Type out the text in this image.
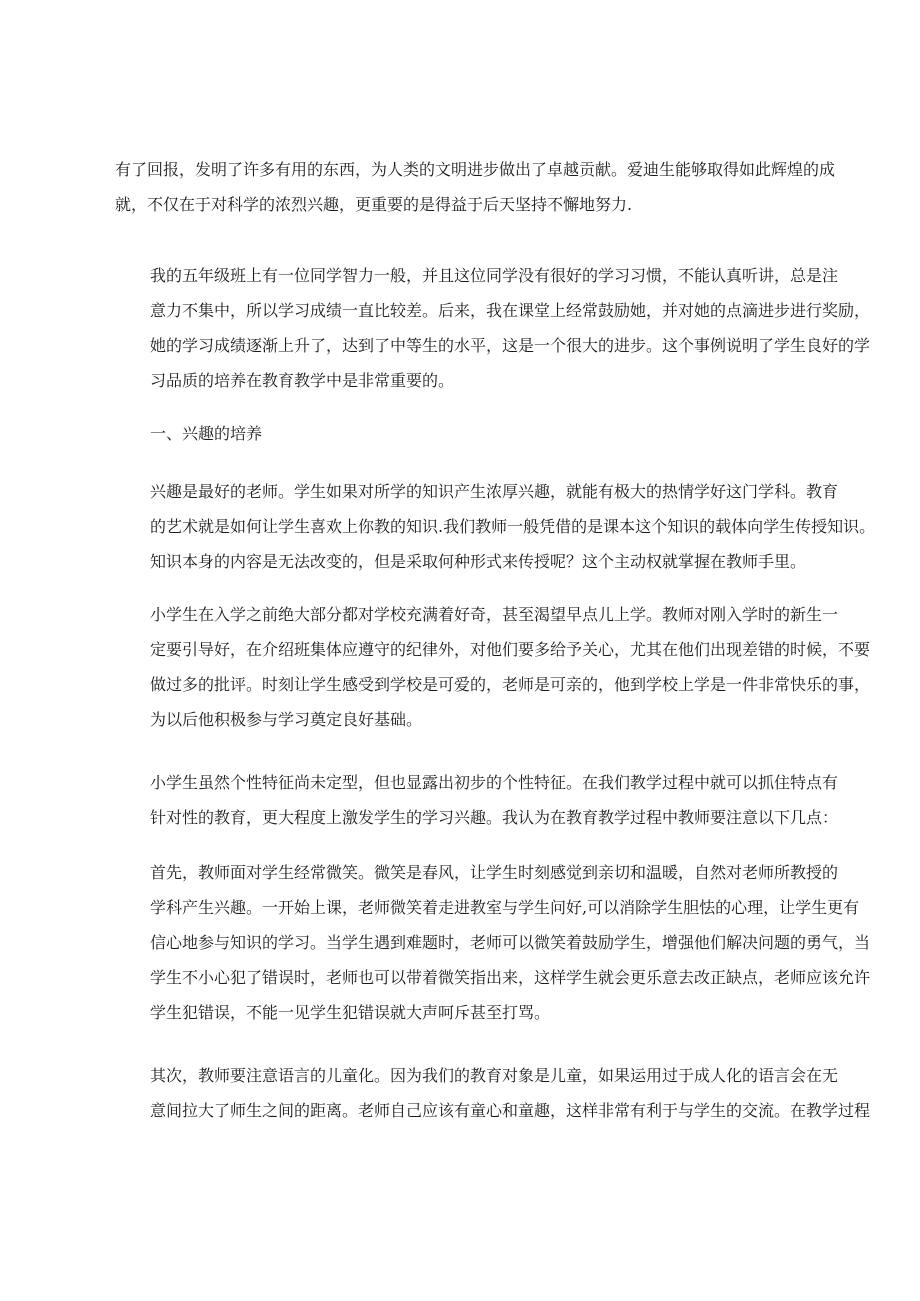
有了回报，发明了许多有用的东西，为人类的文明进步做出了卓越贡献。爱迪生能够取得如此辉煌的成
就，不仅在于对科学的浓烈兴趣，更重要的是得益于后天坚持不懈地努力.

我的五年级班上有一位同学智力一般，并且这位同学没有很好的学习习惯，不能认真听讲，总是注
意力不集中，所以学习成绩一直比较差。后来，我在课堂上经常鼓励她，并对她的点滴进步进行奖励，
她的学习成绩逐渐上升了，达到了中等生的水平，这是一个很大的进步。这个事例说明了学生良好的学
习品质的培养在教育教学中是非常重要的。

一、兴趣的培养

兴趣是最好的老师。学生如果对所学的知识产生浓厚兴趣，就能有极大的热情学好这门学科。教育
的艺术就是如何让学生喜欢上你教的知识.我们教师一般凭借的是课本这个知识的载体向学生传授知识。
知识本身的内容是无法改变的，但是采取何种形式来传授呢？这个主动权就掌握在教师手里。

小学生在入学之前绝大部分都对学校充满着好奇，甚至渴望早点儿上学。教师对刚入学时的新生一
定要引导好，在介绍班集体应遵守的纪律外，对他们要多给予关心，尤其在他们出现差错的时候，不要
做过多的批评。时刻让学生感受到学校是可爱的，老师是可亲的，他到学校上学是一件非常快乐的事，
为以后他积极参与学习奠定良好基础。

小学生虽然个性特征尚未定型，但也显露出初步的个性特征。在我们教学过程中就可以抓住特点有
针对性的教育，更大程度上激发学生的学习兴趣。我认为在教育教学过程中教师要注意以下几点：

首先，教师面对学生经常微笑。微笑是春风，让学生时刻感觉到亲切和温暖，自然对老师所教授的
学科产生兴趣。一开始上课，老师微笑着走进教室与学生问好,可以消除学生胆怯的心理，让学生更有
信心地参与知识的学习。当学生遇到难题时，老师可以微笑着鼓励学生，增强他们解决问题的勇气，当
学生不小心犯了错误时，老师也可以带着微笑指出来，这样学生就会更乐意去改正缺点，老师应该允许
学生犯错误，不能一见学生犯错误就大声呵斥甚至打骂。

其次，教师要注意语言的儿童化。因为我们的教育对象是儿童，如果运用过于成人化的语言会在无
意间拉大了师生之间的距离。老师自己应该有童心和童趣，这样非常有利于与学生的交流。在教学过程
